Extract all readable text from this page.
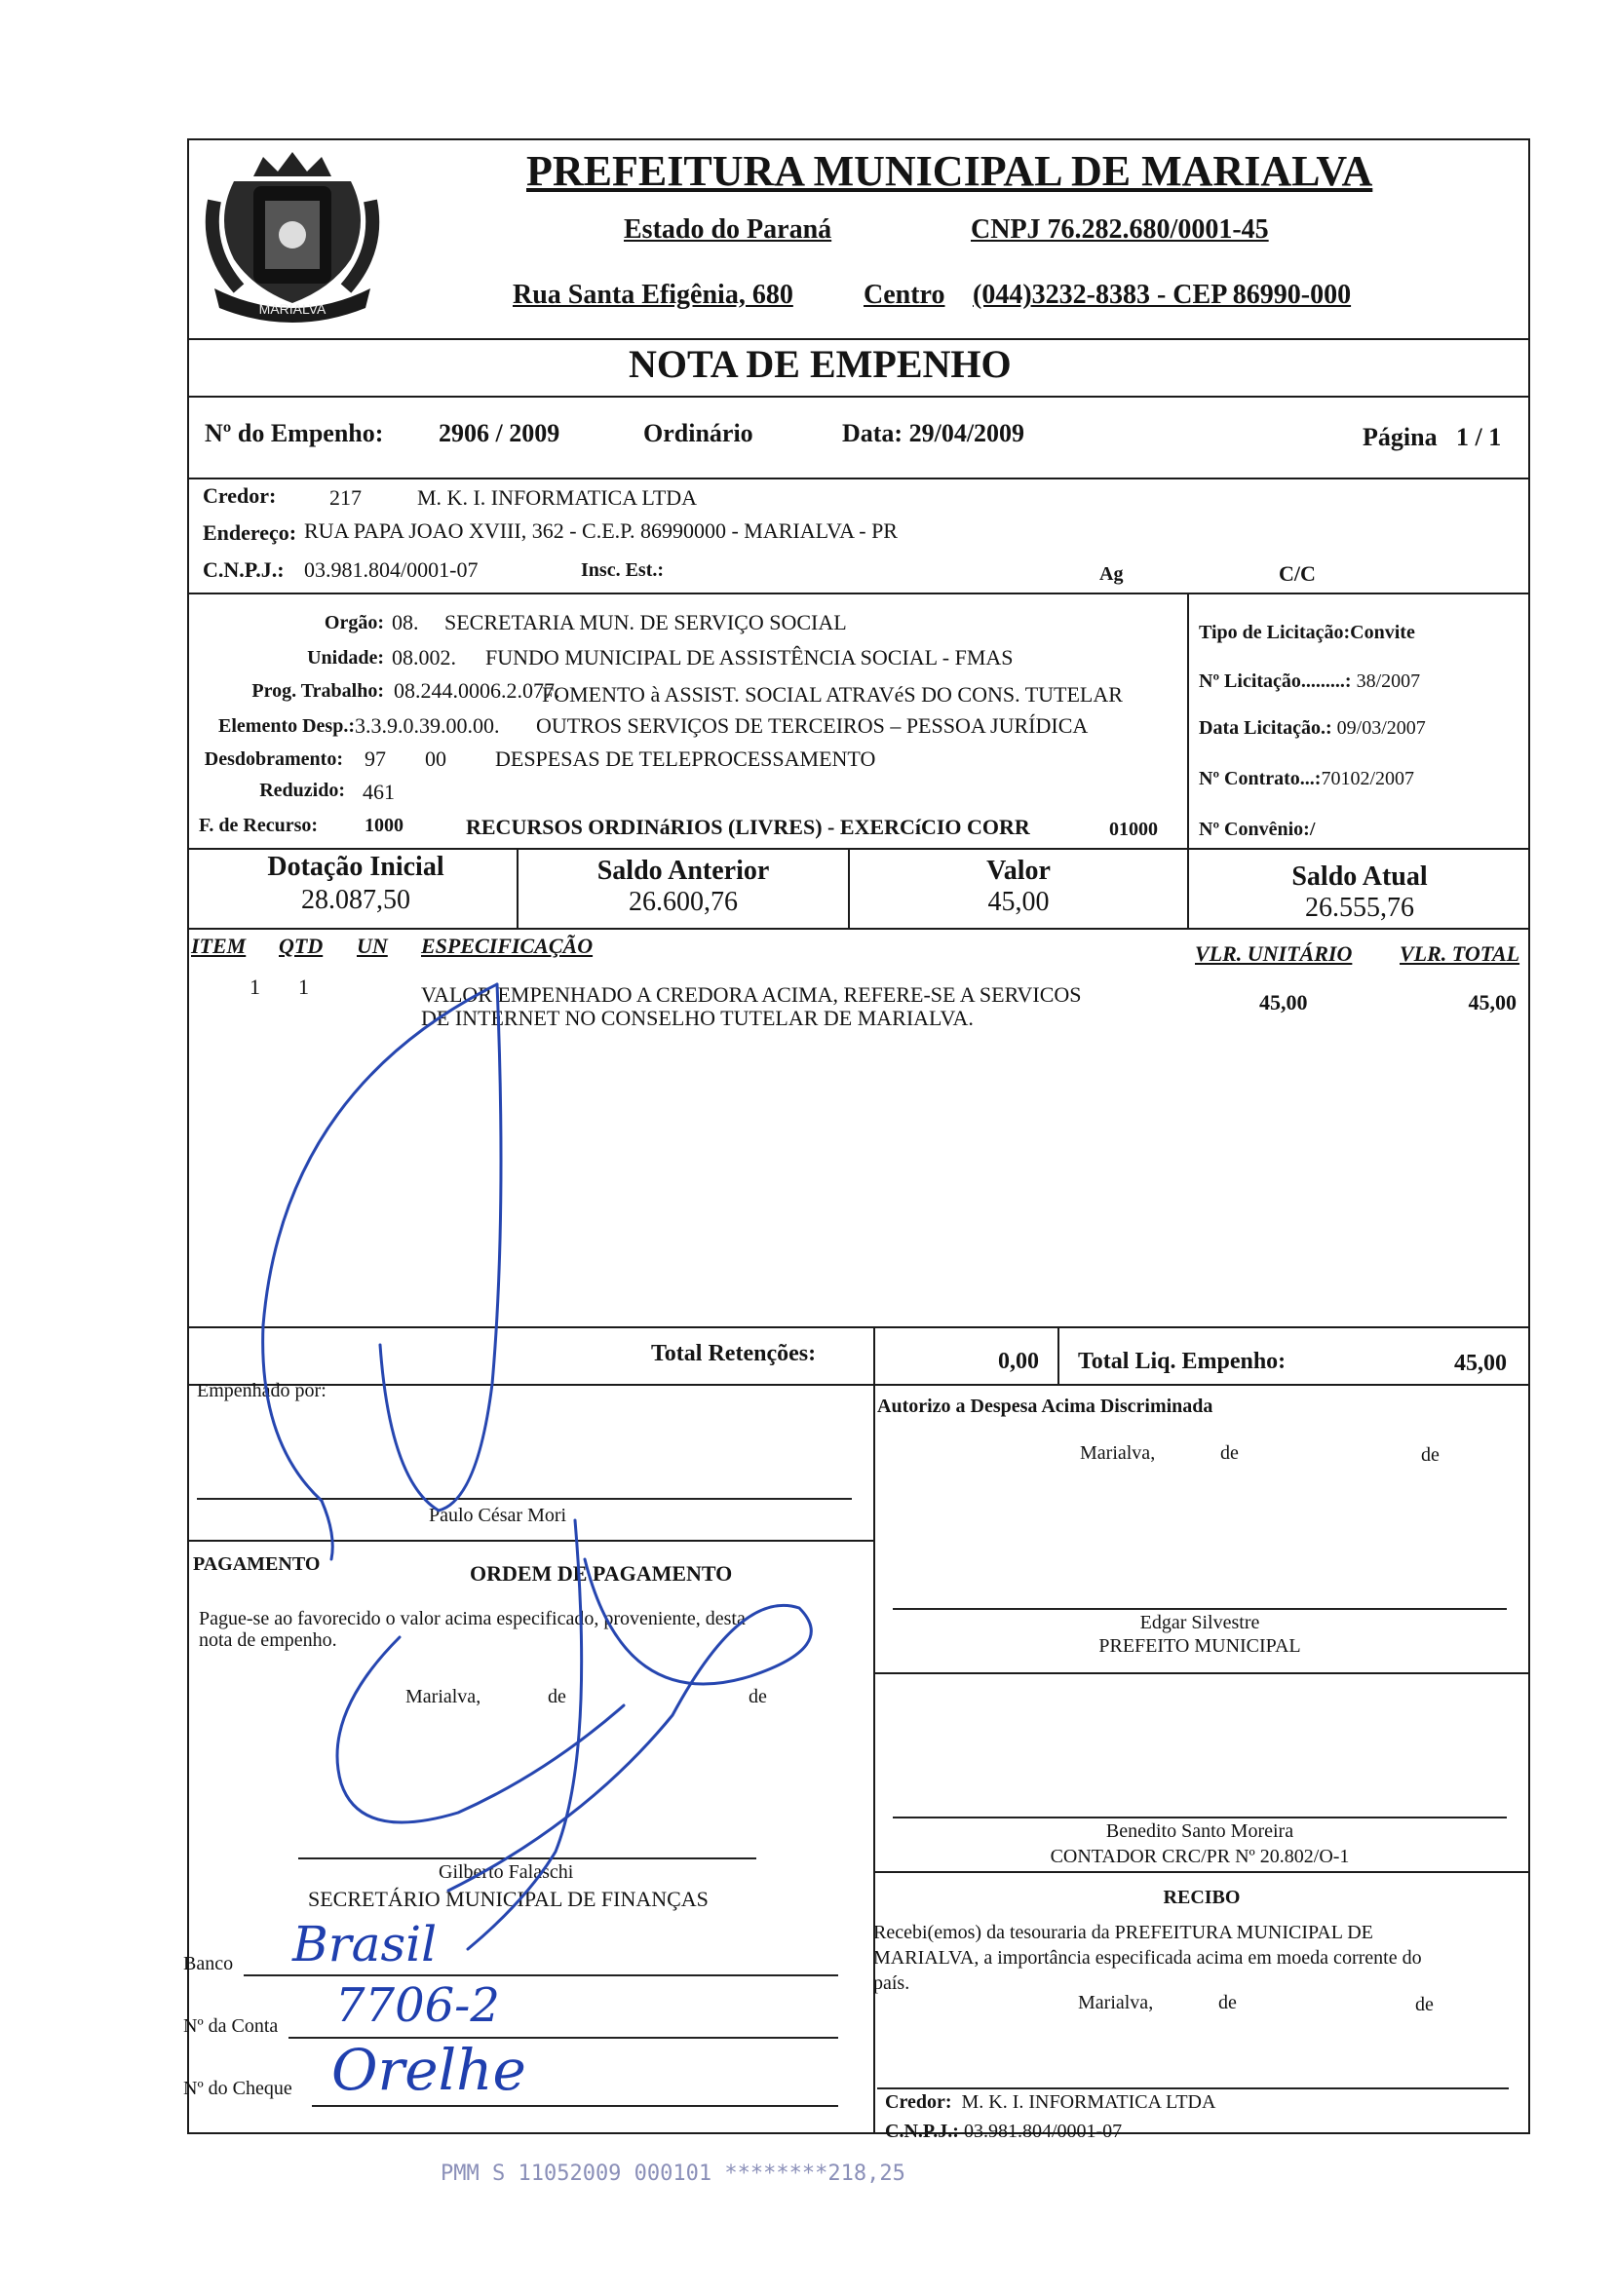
MARIALVA
PREFEITURA MUNICIPAL DE MARIALVA
Estado do Paraná	CNPJ 76.282.680/0001-45
Rua Santa Efigênia, 680	Centro (044)3232-8383 - CEP 86990-000
NOTA DE EMPENHO
Nº do Empenho: 2906 / 2009	Ordinário	Data: 29/04/2009	Página 1 / 1
Credor: 217	M. K. I. INFORMATICA LTDA
Endereço: RUA PAPA JOAO XVIII, 362 - C.E.P. 86990000 - MARIALVA - PR
C.N.P.J.: 03.981.804/0001-07	Insc. Est.:	Ag	C/C
Orgão: 08. SECRETARIA MUN. DE SERVIÇO SOCIAL
Unidade: 08.002. FUNDO MUNICIPAL DE ASSISTÊNCIA SOCIAL - FMAS
Prog. Trabalho: 08.244.0006.2.077.
FOMENTO à ASSIST. SOCIAL ATRAVéS DO CONS. TUTELAR
Elemento Desp.: 3.3.9.0.39.00.00. OUTROS SERVIÇOS DE TERCEIROS – PESSOA JURÍDICA
Desdobramento: 97 00 DESPESAS DE TELEPROCESSAMENTO
Reduzido: 461
F. de Recurso: 1000	RECURSOS ORDINáRIOS (LIVRES) - EXERCíCIO CORR	01000
Tipo de Licitação:Convite
Nº Licitação.........: 38/2007
Data Licitação.: 09/03/2007
Nº Contrato...:70102/2007
Nº Convênio:/
Dotação Inicial
28.087,50
Saldo Anterior
26.600,76
Valor
45,00
Saldo Atual
26.555,76
ITEM QTD UN ESPECIFICAÇÃO	VLR. UNITÁRIO VLR. TOTAL
1 1	VALOR EMPENHADO A CREDORA ACIMA, REFERE-SE A SERVICOS
DE INTERNET NO CONSELHO TUTELAR DE MARIALVA.
45,00	45,00
Total Retenções:	0,00 Total Liq. Empenho:	45,00
Empenhado por:
Paulo César Mori
Autorizo a Despesa Acima Discriminada
Marialva,	de	de
Edgar Silvestre
PREFEITO MUNICIPAL
PAGAMENTO	ORDEM DE PAGAMENTO
Pague-se ao favorecido o valor acima especificado, proveniente, desta
nota de empenho.
Marialva,	de	de
Gilberto Falaschi
SECRETÁRIO MUNICIPAL DE FINANÇAS
Banco Brasil
Nº da Conta 7706-2
Nº do Cheque Orelhe
Benedito Santo Moreira
CONTADOR CRC/PR Nº 20.802/O-1
RECIBO
Recebi(emos) da tesouraria da PREFEITURA MUNICIPAL DE
MARIALVA, a importância especificada acima em moeda corrente do
país.
Marialva,	de	de
Credor: M. K. I. INFORMATICA LTDA
C.N.P.J.: 03.981.804/0001-07
PMM S 11052009 000101 ********218,25
